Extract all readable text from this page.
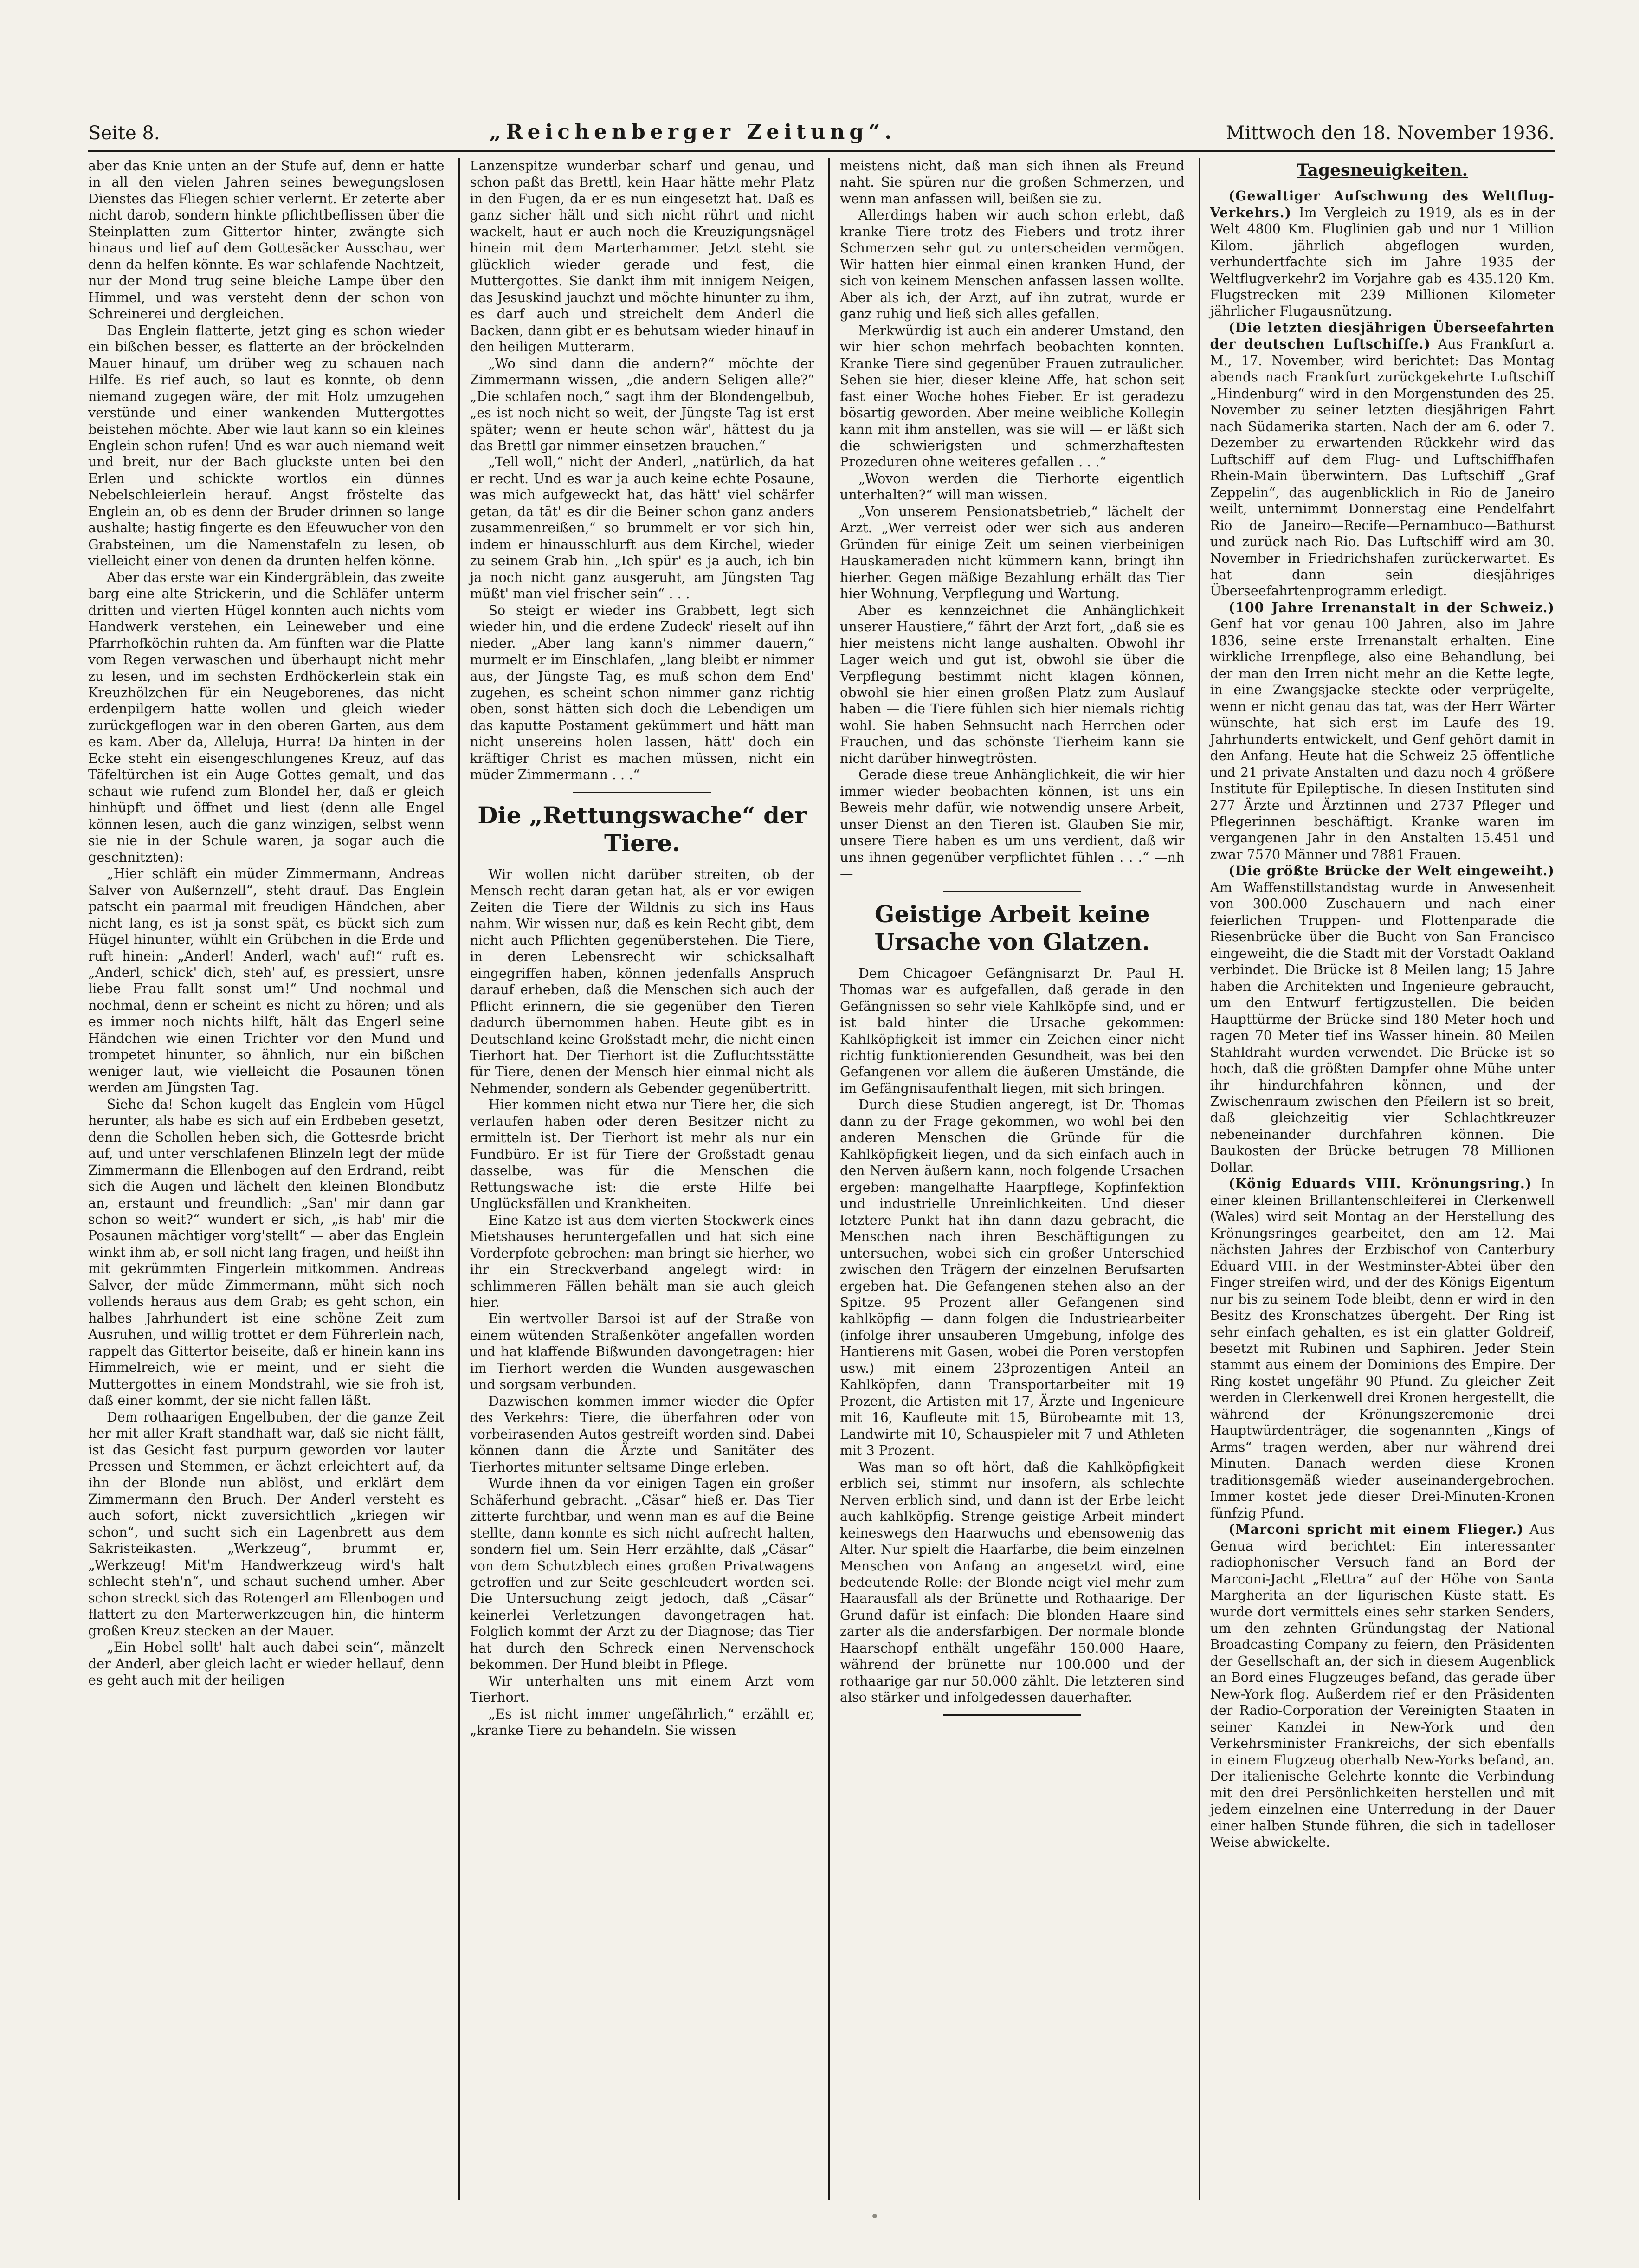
Seite 8.	„Reichenberger Zeitung“.	Mittwoch den 18. November 1936.

aber das Knie unten an der Stufe auf, denn er hatte in all den vielen Jahren seines bewegungslosen Dienstes das Fliegen schier verlernt. Er zeterte aber nicht darob, sondern hinkte pflichtbeflissen über die Steinplatten zum Gittertor hinter, zwängte sich hinaus und lief auf dem Gottesäcker Ausschau, wer denn da helfen könnte. Es war schlafende Nachtzeit, nur der Mond trug seine bleiche Lampe über den Himmel, und was versteht denn der schon von Schreinerei und dergleichen.

Das Englein flatterte, jetzt ging es schon wieder ein bißchen besser, es flatterte an der bröckelnden Mauer hinauf, um drüber weg zu schauen nach Hilfe. Es rief auch, so laut es konnte, ob denn niemand zugegen wäre, der mit Holz umzugehen verstünde und einer wankenden Muttergottes beistehen möchte. Aber wie laut kann so ein kleines Englein schon rufen! Und es war auch niemand weit und breit, nur der Bach gluckste unten bei den Erlen und schickte wortlos ein dünnes Nebelschleierlein herauf. Angst fröstelte das Englein an, ob es denn der Bruder drinnen so lange aushalte; hastig fingerte es den Efeuwucher von den Grabsteinen, um die Namenstafeln zu lesen, ob vielleicht einer von denen da drunten helfen könne.

Aber das erste war ein Kindergräblein, das zweite barg eine alte Strickerin, und die Schläfer unterm dritten und vierten Hügel konnten auch nichts vom Handwerk verstehen, ein Leineweber und eine Pfarrhofköchin ruhten da. Am fünften war die Platte vom Regen verwaschen und überhaupt nicht mehr zu lesen, und im sechsten Erdhöckerlein stak ein Kreuzhölzchen für ein Neugeborenes, das nicht erdenpilgern hatte wollen und gleich wieder zurückgeflogen war in den oberen Garten, aus dem es kam. Aber da, Alleluja, Hurra! Da hinten in der Ecke steht ein eisengeschlungenes Kreuz, auf das Täfeltürchen ist ein Auge Gottes gemalt, und das schaut wie rufend zum Blondel her, daß er gleich hinhüpft und öffnet und liest (denn alle Engel können lesen, auch die ganz winzigen, selbst wenn sie nie in der Schule waren, ja sogar auch die geschnitzten):

„Hier schläft ein müder Zimmermann, Andreas Salver von Außernzell“, steht drauf. Das Englein patscht ein paarmal mit freudigen Händchen, aber nicht lang, es ist ja sonst spät, es bückt sich zum Hügel hinunter, wühlt ein Grübchen in die Erde und ruft hinein: „Anderl! Anderl, wach' auf!“ ruft es. „Anderl, schick' dich, steh' auf, es pressiert, unsre liebe Frau fallt sonst um!“ Und nochmal und nochmal, denn er scheint es nicht zu hören; und als es immer noch nichts hilft, hält das Engerl seine Händchen wie einen Trichter vor den Mund und trompetet hinunter, so ähnlich, nur ein bißchen weniger laut, wie vielleicht die Posaunen tönen werden am Jüngsten Tag.

Siehe da! Schon kugelt das Englein vom Hügel herunter, als habe es sich auf ein Erdbeben gesetzt, denn die Schollen heben sich, die Gottesrde bricht auf, und unter verschlafenen Blinzeln legt der müde Zimmermann die Ellenbogen auf den Erdrand, reibt sich die Augen und lächelt den kleinen Blondbutz an, erstaunt und freundlich: „San' mir dann gar schon so weit?“ wundert er sich, „is hab' mir die Posaunen mächtiger vorg'stellt“ — aber das Englein winkt ihm ab, er soll nicht lang fragen, und heißt ihn mit gekrümmten Fingerlein mitkommen. Andreas Salver, der müde Zimmermann, müht sich noch vollends heraus aus dem Grab; es geht schon, ein halbes Jahrhundert ist eine schöne Zeit zum Ausruhen, und willig trottet er dem Führerlein nach, rappelt das Gittertor beiseite, daß er hinein kann ins Himmelreich, wie er meint, und er sieht die Muttergottes in einem Mondstrahl, wie sie froh ist, daß einer kommt, der sie nicht fallen läßt.

Dem rothaarigen Engelbuben, der die ganze Zeit her mit aller Kraft standhaft war, daß sie nicht fällt, ist das Gesicht fast purpurn geworden vor lauter Pressen und Stemmen, er ächzt erleichtert auf, da ihn der Blonde nun ablöst, und erklärt dem Zimmermann den Bruch. Der Anderl versteht es auch sofort, nickt zuversichtlich „kriegen wir schon“, und sucht sich ein Lagenbrett aus dem Sakristeikasten. „Werkzeug“, brummt er, „Werkzeug! Mit'm Handwerkzeug wird's halt schlecht steh'n“, und schaut suchend umher. Aber schon streckt sich das Rotengerl am Ellenbogen und flattert zu den Marterwerkzeugen hin, die hinterm großen Kreuz stecken an der Mauer.

„Ein Hobel sollt' halt auch dabei sein“, mänzelt der Anderl, aber gleich lacht er wieder hellauf, denn es geht auch mit der heiligen

Lanzenspitze wunderbar scharf und genau, und schon paßt das Brettl, kein Haar hätte mehr Platz in den Fugen, da er es nun eingesetzt hat. Daß es ganz sicher hält und sich nicht rührt und nicht wackelt, haut er auch noch die Kreuzigungsnägel hinein mit dem Marterhammer. Jetzt steht sie glücklich wieder gerade und fest, die Muttergottes. Sie dankt ihm mit innigem Neigen, das Jesuskind jauchzt und möchte hinunter zu ihm, es darf auch und streichelt dem Anderl die Backen, dann gibt er es behutsam wieder hinauf in den heiligen Mutterarm.

„Wo sind dann die andern?“ möchte der Zimmermann wissen, „die andern Seligen alle?“ „Die schlafen noch,“ sagt ihm der Blondengelbub, „es ist noch nicht so weit, der Jüngste Tag ist erst später; wenn er heute schon wär', hättest du ja das Brettl gar nimmer einsetzen brauchen.“

„Tell woll,“ nicht der Anderl, „natürlich, da hat er recht. Und es war ja auch keine echte Posaune, was mich aufgeweckt hat, das hätt' viel schärfer getan, da tät' es dir die Beiner schon ganz anders zusammenreißen,“ so brummelt er vor sich hin, indem er hinausschlurft aus dem Kirchel, wieder zu seinem Grab hin. „Ich spür' es ja auch, ich bin ja noch nicht ganz ausgeruht, am Jüngsten Tag müßt' man viel frischer sein“ . . .

So steigt er wieder ins Grabbett, legt sich wieder hin, und die erdene Zudeck' rieselt auf ihn nieder. „Aber lang kann's nimmer dauern,“ murmelt er im Einschlafen, „lang bleibt er nimmer aus, der Jüngste Tag, es muß schon dem End' zugehen, es scheint schon nimmer ganz richtig oben, sonst hätten sich doch die Lebendigen um das kaputte Postament gekümmert und hätt man nicht unsereins holen lassen, hätt' doch ein kräftiger Christ es machen müssen, nicht ein müder Zimmermann . . .“

Die „Rettungswache“ der Tiere.

Wir wollen nicht darüber streiten, ob der Mensch recht daran getan hat, als er vor ewigen Zeiten die Tiere der Wildnis zu sich ins Haus nahm. Wir wissen nur, daß es kein Recht gibt, dem nicht auch Pflichten gegenüberstehen. Die Tiere, in deren Lebensrecht wir schicksalhaft eingegriffen haben, können jedenfalls Anspruch darauf erheben, daß die Menschen sich auch der Pflicht erinnern, die sie gegenüber den Tieren dadurch übernommen haben. Heute gibt es in Deutschland keine Großstadt mehr, die nicht einen Tierhort hat. Der Tierhort ist die Zufluchtsstätte für Tiere, denen der Mensch hier einmal nicht als Nehmender, sondern als Gebender gegenübertritt.

Hier kommen nicht etwa nur Tiere her, die sich verlaufen haben oder deren Besitzer nicht zu ermitteln ist. Der Tierhort ist mehr als nur ein Fundbüro. Er ist für Tiere der Großstadt genau dasselbe, was für die Menschen die Rettungswache ist: die erste Hilfe bei Unglücksfällen und Krankheiten.

Eine Katze ist aus dem vierten Stockwerk eines Mietshauses heruntergefallen und hat sich eine Vorderpfote gebrochen: man bringt sie hierher, wo ihr ein Streckverband angelegt wird: in schlimmeren Fällen behält man sie auch gleich hier.

Ein wertvoller Barsoi ist auf der Straße von einem wütenden Straßenköter angefallen worden und hat klaffende Bißwunden davongetragen: hier im Tierhort werden die Wunden ausgewaschen und sorgsam verbunden.

Dazwischen kommen immer wieder die Opfer des Verkehrs: Tiere, die überfahren oder von vorbeirasenden Autos gestreift worden sind. Dabei können dann die Ärzte und Sanitäter des Tierhortes mitunter seltsame Dinge erleben.

Wurde ihnen da vor einigen Tagen ein großer Schäferhund gebracht. „Cäsar“ hieß er. Das Tier zitterte furchtbar, und wenn man es auf die Beine stellte, dann konnte es sich nicht aufrecht halten, sondern fiel um. Sein Herr erzählte, daß „Cäsar“ von dem Schutzblech eines großen Privatwagens getroffen und zur Seite geschleudert worden sei. Die Untersuchung zeigt jedoch, daß „Cäsar“ keinerlei Verletzungen davongetragen hat. Folglich kommt der Arzt zu der Diagnose; das Tier hat durch den Schreck einen Nervenschock bekommen. Der Hund bleibt in Pflege.

Wir unterhalten uns mit einem Arzt vom Tierhort.

„Es ist nicht immer ungefährlich,“ erzählt er, „kranke Tiere zu behandeln. Sie wissen

meistens nicht, daß man sich ihnen als Freund naht. Sie spüren nur die großen Schmerzen, und wenn man anfassen will, beißen sie zu.

Allerdings haben wir auch schon erlebt, daß kranke Tiere trotz des Fiebers und trotz ihrer Schmerzen sehr gut zu unterscheiden vermögen. Wir hatten hier einmal einen kranken Hund, der sich von keinem Menschen anfassen lassen wollte. Aber als ich, der Arzt, auf ihn zutrat, wurde er ganz ruhig und ließ sich alles gefallen.

Merkwürdig ist auch ein anderer Umstand, den wir hier schon mehrfach beobachten konnten. Kranke Tiere sind gegenüber Frauen zutraulicher. Sehen sie hier, dieser kleine Affe, hat schon seit fast einer Woche hohes Fieber. Er ist geradezu bösartig geworden. Aber meine weibliche Kollegin kann mit ihm anstellen, was sie will — er läßt sich die schwierigsten und schmerzhaftesten Prozeduren ohne weiteres gefallen . . .“

„Wovon werden die Tierhorte eigentlich unterhalten?“ will man wissen.

„Von unserem Pensionatsbetrieb,“ lächelt der Arzt. „Wer verreist oder wer sich aus anderen Gründen für einige Zeit um seinen vierbeinigen Hauskameraden nicht kümmern kann, bringt ihn hierher. Gegen mäßige Bezahlung erhält das Tier hier Wohnung, Verpflegung und Wartung.

Aber es kennzeichnet die Anhänglichkeit unserer Haustiere,“ fährt der Arzt fort, „daß sie es hier meistens nicht lange aushalten. Obwohl ihr Lager weich und gut ist, obwohl sie über die Verpflegung bestimmt nicht klagen können, obwohl sie hier einen großen Platz zum Auslauf haben — die Tiere fühlen sich hier niemals richtig wohl. Sie haben Sehnsucht nach Herrchen oder Frauchen, und das schönste Tierheim kann sie nicht darüber hinwegtrösten.

Gerade diese treue Anhänglichkeit, die wir hier immer wieder beobachten können, ist uns ein Beweis mehr dafür, wie notwendig unsere Arbeit, unser Dienst an den Tieren ist. Glauben Sie mir, unsere Tiere haben es um uns verdient, daß wir uns ihnen gegenüber verpflichtet fühlen . . .“ —nh—

Geistige Arbeit keine Ursache von Glatzen.

Dem Chicagoer Gefängnisarzt Dr. Paul H. Thomas war es aufgefallen, daß gerade in den Gefängnissen so sehr viele Kahlköpfe sind, und er ist bald hinter die Ursache gekommen: Kahlköpfigkeit ist immer ein Zeichen einer nicht richtig funktionierenden Gesundheit, was bei den Gefangenen vor allem die äußeren Umstände, die im Gefängnisaufenthalt liegen, mit sich bringen.

Durch diese Studien angeregt, ist Dr. Thomas dann zu der Frage gekommen, wo wohl bei den anderen Menschen die Gründe für die Kahlköpfigkeit liegen, und da sich einfach auch in den Nerven äußern kann, noch folgende Ursachen ergeben: mangelhafte Haarpflege, Kopfinfektion und industrielle Unreinlichkeiten. Und dieser letztere Punkt hat ihn dann dazu gebracht, die Menschen nach ihren Beschäftigungen zu untersuchen, wobei sich ein großer Unterschied zwischen den Trägern der einzelnen Berufsarten ergeben hat. Die Gefangenen stehen also an der Spitze. 95 Prozent aller Gefangenen sind kahlköpfig — dann folgen die Industriearbeiter (infolge ihrer unsauberen Umgebung, infolge des Hantierens mit Gasen, wobei die Poren verstopfen usw.) mit einem 23prozentigen Anteil an Kahlköpfen, dann Transportarbeiter mit 19 Prozent, die Artisten mit 17, Ärzte und Ingenieure mit 16, Kaufleute mit 15, Bürobeamte mit 13, Landwirte mit 10, Schauspieler mit 7 und Athleten mit 3 Prozent.

Was man so oft hört, daß die Kahlköpfigkeit erblich sei, stimmt nur insofern, als schlechte Nerven erblich sind, und dann ist der Erbe leicht auch kahlköpfig. Strenge geistige Arbeit mindert keineswegs den Haarwuchs und ebensowenig das Alter. Nur spielt die Haarfarbe, die beim einzelnen Menschen von Anfang an angesetzt wird, eine bedeutende Rolle: der Blonde neigt viel mehr zum Haarausfall als der Brünette und Rothaarige. Der Grund dafür ist einfach: Die blonden Haare sind zarter als die andersfarbigen. Der normale blonde Haarschopf enthält ungefähr 150.000 Haare, während der brünette nur 100.000 und der rothaarige gar nur 50.000 zählt. Die letzteren sind also stärker und infolgedessen dauerhafter.

Tagesneuigkeiten.

(Gewaltiger Aufschwung des Weltflug-Verkehrs.) Im Vergleich zu 1919, als es in der Welt 4800 Km. Fluglinien gab und nur 1 Million Kilom. jährlich abgeflogen wurden, verhundertfachte sich im Jahre 1935 der Weltflugverkehr2 im Vorjahre gab es 435.120 Km. Flugstrecken mit 239 Millionen Kilometer jährlicher Flugausnützung.

(Die letzten diesjährigen Überseefahrten der deutschen Luftschiffe.) Aus Frankfurt a. M., 17. November, wird berichtet: Das Montag abends nach Frankfurt zurückgekehrte Luftschiff „Hindenburg“ wird in den Morgenstunden des 25. November zu seiner letzten diesjährigen Fahrt nach Südamerika starten. Nach der am 6. oder 7. Dezember zu erwartenden Rückkehr wird das Luftschiff auf dem Flug- und Luftschiffhafen Rhein-Main überwintern. Das Luftschiff „Graf Zeppelin“, das augenblicklich in Rio de Janeiro weilt, unternimmt Donnerstag eine Pendelfahrt Rio de Janeiro—Recife—Pernambuco—Bathurst und zurück nach Rio. Das Luftschiff wird am 30. November in Friedrichshafen zurückerwartet. Es hat dann sein diesjähriges Überseefahrtenprogramm erledigt.

(100 Jahre Irrenanstalt in der Schweiz.) Genf hat vor genau 100 Jahren, also im Jahre 1836, seine erste Irrenanstalt erhalten. Eine wirkliche Irrenpflege, also eine Behandlung, bei der man den Irren nicht mehr an die Kette legte, in eine Zwangsjacke steckte oder verprügelte, wenn er nicht genau das tat, was der Herr Wärter wünschte, hat sich erst im Laufe des 19. Jahrhunderts entwickelt, und Genf gehört damit in den Anfang. Heute hat die Schweiz 25 öffentliche und 21 private Anstalten und dazu noch 4 größere Institute für Epileptische. In diesen Instituten sind 277 Ärzte und Ärztinnen und 2737 Pfleger und Pflegerinnen beschäftigt. Kranke waren im vergangenen Jahr in den Anstalten 15.451 und zwar 7570 Männer und 7881 Frauen.

(Die größte Brücke der Welt eingeweiht.) Am Waffenstillstandstag wurde in Anwesenheit von 300.000 Zuschauern und nach einer feierlichen Truppen- und Flottenparade die Riesenbrücke über die Bucht von San Francisco eingeweiht, die die Stadt mit der Vorstadt Oakland verbindet. Die Brücke ist 8 Meilen lang; 15 Jahre haben die Architekten und Ingenieure gebraucht, um den Entwurf fertigzustellen. Die beiden Haupttürme der Brücke sind 180 Meter hoch und ragen 70 Meter tief ins Wasser hinein. 80 Meilen Stahldraht wurden verwendet. Die Brücke ist so hoch, daß die größten Dampfer ohne Mühe unter ihr hindurchfahren können, und der Zwischenraum zwischen den Pfeilern ist so breit, daß gleichzeitig vier Schlachtkreuzer nebeneinander durchfahren können. Die Baukosten der Brücke betrugen 78 Millionen Dollar.

(König Eduards VIII. Krönungsring.) In einer kleinen Brillantenschleiferei in Clerkenwell (Wales) wird seit Montag an der Herstellung des Krönungsringes gearbeitet, den am 12. Mai nächsten Jahres der Erzbischof von Canterbury Eduard VIII. in der Westminster-Abtei über den Finger streifen wird, und der des Königs Eigentum nur bis zu seinem Tode bleibt, denn er wird in den Besitz des Kronschatzes übergeht. Der Ring ist sehr einfach gehalten, es ist ein glatter Goldreif, besetzt mit Rubinen und Saphiren. Jeder Stein stammt aus einem der Dominions des Empire. Der Ring kostet ungefähr 90 Pfund. Zu gleicher Zeit werden in Clerkenwell drei Kronen hergestellt, die während der Krönungszeremonie drei Hauptwürdenträger, die sogenannten „Kings of Arms“ tragen werden, aber nur während drei Minuten. Danach werden diese Kronen traditionsgemäß wieder auseinandergebrochen. Immer kostet jede dieser Drei-Minuten-Kronen fünfzig Pfund.

(Marconi spricht mit einem Flieger.) Aus Genua wird berichtet: Ein interessanter radiophonischer Versuch fand an Bord der Marconi-Jacht „Elettra“ auf der Höhe von Santa Margherita an der ligurischen Küste statt. Es wurde dort vermittels eines sehr starken Senders, um den zehnten Gründungstag der National Broadcasting Company zu feiern, den Präsidenten der Gesellschaft an, der sich in diesem Augenblick an Bord eines Flugzeuges befand, das gerade über New-York flog. Außerdem rief er den Präsidenten der Radio-Corporation der Vereinigten Staaten in seiner Kanzlei in New-York und den Verkehrsminister Frankreichs, der sich ebenfalls in einem Flugzeug oberhalb New-Yorks befand, an. Der italienische Gelehrte konnte die Verbindung mit den drei Persönlichkeiten herstellen und mit jedem einzelnen eine Unterredung in der Dauer einer halben Stunde führen, die sich in tadelloser Weise abwickelte.
